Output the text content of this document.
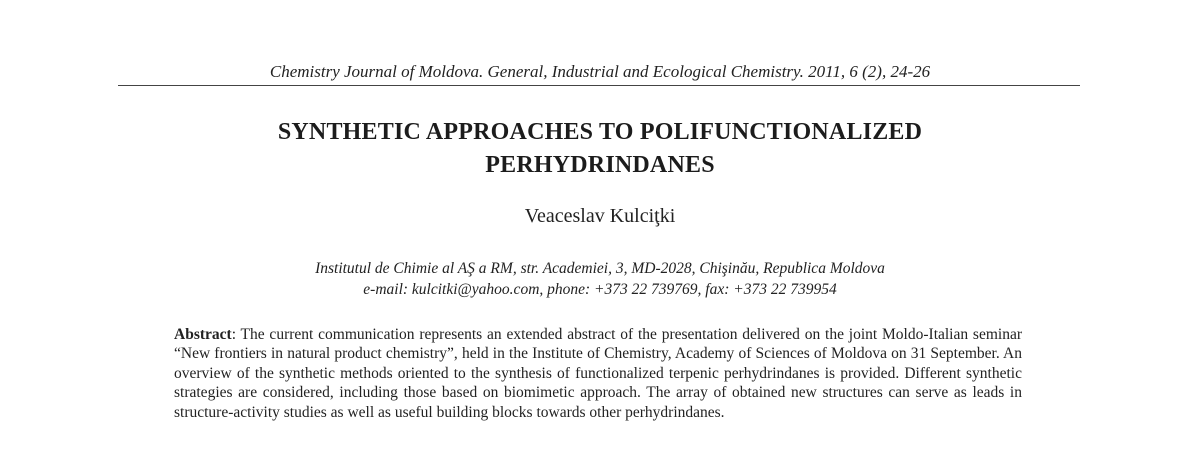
Chemistry Journal of Moldova. General, Industrial and Ecological Chemistry. 2011, 6 (2), 24-26
SYNTHETIC APPROACHES TO POLIFUNCTIONALIZED
PERHYDRINDANES
Veaceslav Kulciţki
Institutul de Chimie al AŞ a RM, str. Academiei, 3, MD-2028, Chişinău, Republica Moldova
e-mail: kulcitki@yahoo.com, phone: +373 22 739769, fax: +373 22 739954
Abstract: The current communication represents an extended abstract of the presentation delivered on the joint Moldo-Italian seminar “New frontiers in natural product chemistry”, held in the Institute of Chemistry, Academy of Sciences of Moldova on 31 September. An overview of the synthetic methods oriented to the synthesis of functionalized terpenic perhydrindanes is provided. Different synthetic strategies are considered, including those based on biomimetic approach. The array of obtained new structures can serve as leads in structure-activity studies as well as useful building blocks towards other perhydrindanes.
